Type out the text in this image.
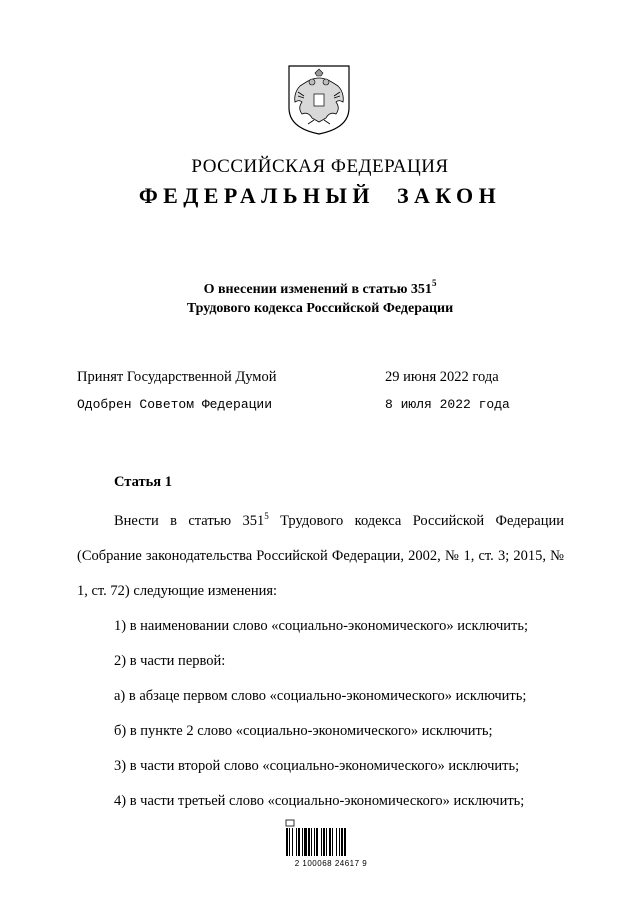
РОССИЙСКАЯ ФЕДЕРАЦИЯ
ФЕДЕРАЛЬНЫЙ ЗАКОН
О внесении изменений в статью $351^5$
Трудового кодекса Российской Федерации
Принят Государственной Думой	29 июня 2022 года
Одобрен Советом Федерации	8 июля 2022 года
Статья 1

Внести в статью $351^5$ Трудового кодекса Российской Федерации (Собрание законодательства Российской Федерации, 2002, № 1, ст. 3; 2015, № 1, ст. 72) следующие изменения:

1) в наименовании слово «социально-экономического» исключить;

2) в части первой:

а) в абзаце первом слово «социально-экономического» исключить;

б) в пункте 2 слово «социально-экономического» исключить;

3) в части второй слово «социально-экономического» исключить;

4) в части третьей слово «социально-экономического» исключить;

2 100068 24617 9
